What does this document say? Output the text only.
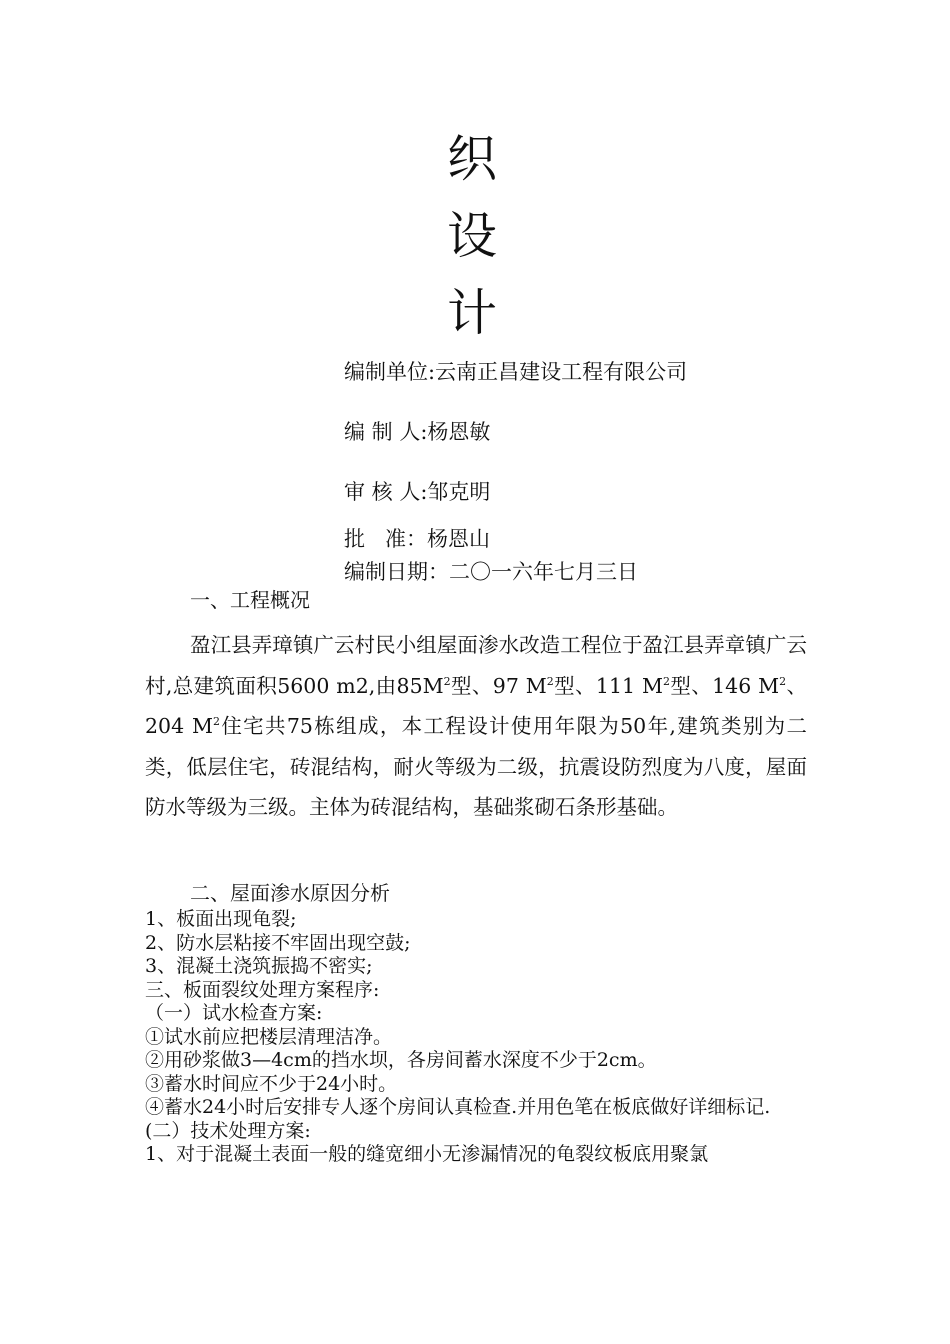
织
设
计
编制单位:云南正昌建设工程有限公司
编 制 人:杨恩敏
审 核 人:邹克明
批   准：杨恩山
编制日期：二〇一六年七月三日
一、工程概况

盈江县弄璋镇广云村民小组屋面渗水改造工程位于盈江县弄章镇广云村,总建筑面积5600 m2,由$85M^2$型、97 $M^2$型、111 $M^2$型、146 $M^2$、204 $M^2$住宅共75栋组成，本工程设计使用年限为50年,建筑类别为二类，低层住宅，砖混结构，耐火等级为二级，抗震设防烈度为八度，屋面防水等级为三级。主体为砖混结构，基础浆砌石条形基础。

二、屋面渗水原因分析
1、板面出现龟裂;
2、防水层粘接不牢固出现空鼓;
3、混凝土浇筑振捣不密实;
三、板面裂纹处理方案程序:
（一）试水检查方案:
①试水前应把楼层清理洁净。
②用砂浆做3—4cm的挡水坝，各房间蓄水深度不少于2cm。
③蓄水时间应不少于24小时。
④蓄水24小时后安排专人逐个房间认真检查.并用色笔在板底做好详细标记.
(二）技术处理方案:
1、对于混凝土表面一般的缝宽细小无渗漏情况的龟裂纹板底用聚氯
